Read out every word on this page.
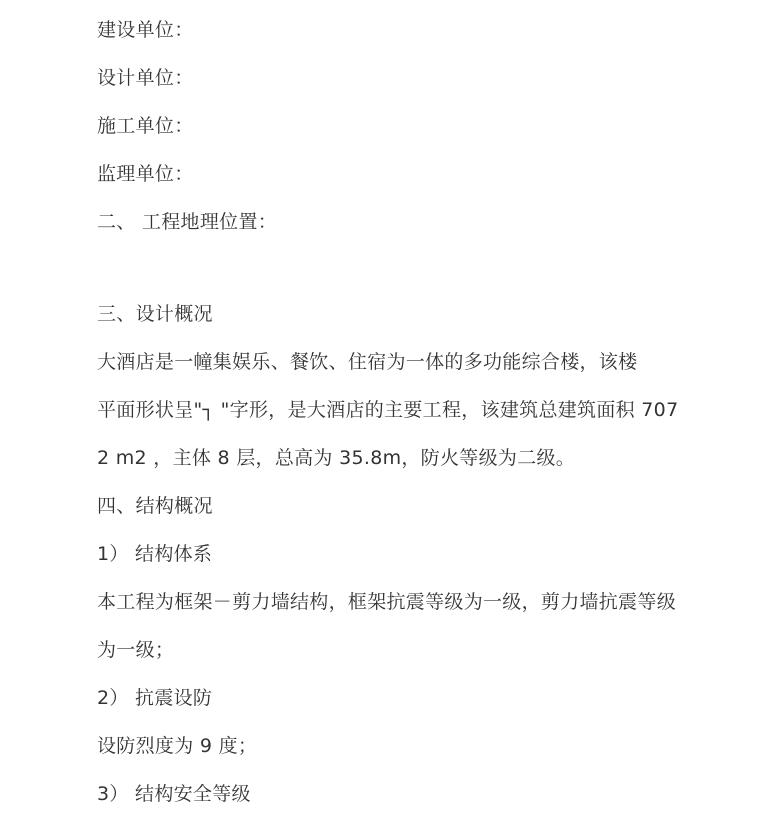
建设单位：
设计单位：
施工单位：
监理单位：
二、 工程地理位置：
三、设计概况
大酒店是一幢集娱乐、餐饮、住宿为一体的多功能综合楼，该楼
平面形状呈"┐ "字形，是大酒店的主要工程，该建筑总建筑面积 707
2 m2 ，主体 8 层，总高为 35.8m，防火等级为二级。
四、结构概况
1） 结构体系
本工程为框架－剪力墙结构，框架抗震等级为一级，剪力墙抗震等级
为一级；
2） 抗震设防
设防烈度为 9 度；
3） 结构安全等级
